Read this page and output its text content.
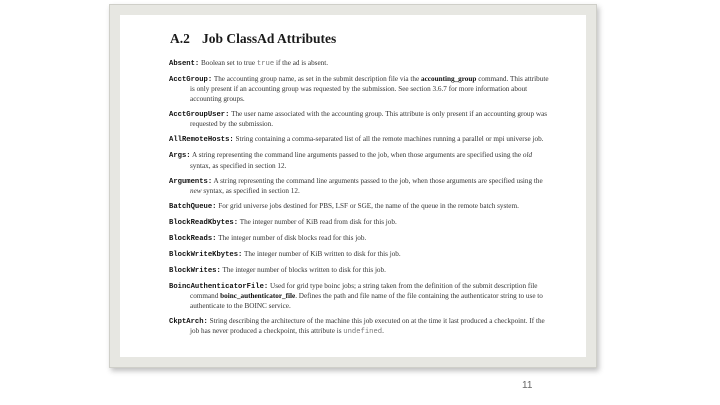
A.2 Job ClassAd Attributes
Absent: Boolean set to true true if the ad is absent.
AcctGroup: The accounting group name, as set in the submit description file via the accounting_group command. This attribute is only present if an accounting group was requested by the submission. See section 3.6.7 for more information about accounting groups.
AcctGroupUser: The user name associated with the accounting group. This attribute is only present if an accounting group was requested by the submission.
AllRemoteHosts: String containing a comma-separated list of all the remote machines running a parallel or mpi universe job.
Args: A string representing the command line arguments passed to the job, when those arguments are specified using the old syntax, as specified in section 12.
Arguments: A string representing the command line arguments passed to the job, when those arguments are specified using the new syntax, as specified in section 12.
BatchQueue: For grid universe jobs destined for PBS, LSF or SGE, the name of the queue in the remote batch system.
BlockReadKbytes: The integer number of KiB read from disk for this job.
BlockReads: The integer number of disk blocks read for this job.
BlockWriteKbytes: The integer number of KiB written to disk for this job.
BlockWrites: The integer number of blocks written to disk for this job.
BoincAuthenticatorFile: Used for grid type boinc jobs; a string taken from the definition of the submit description file command boinc_authenticator_file. Defines the path and file name of the file containing the authenticator string to use to authenticate to the BOINC service.
CkptArch: String describing the architecture of the machine this job executed on at the time it last produced a checkpoint. If the job has never produced a checkpoint, this attribute is undefined.
11
